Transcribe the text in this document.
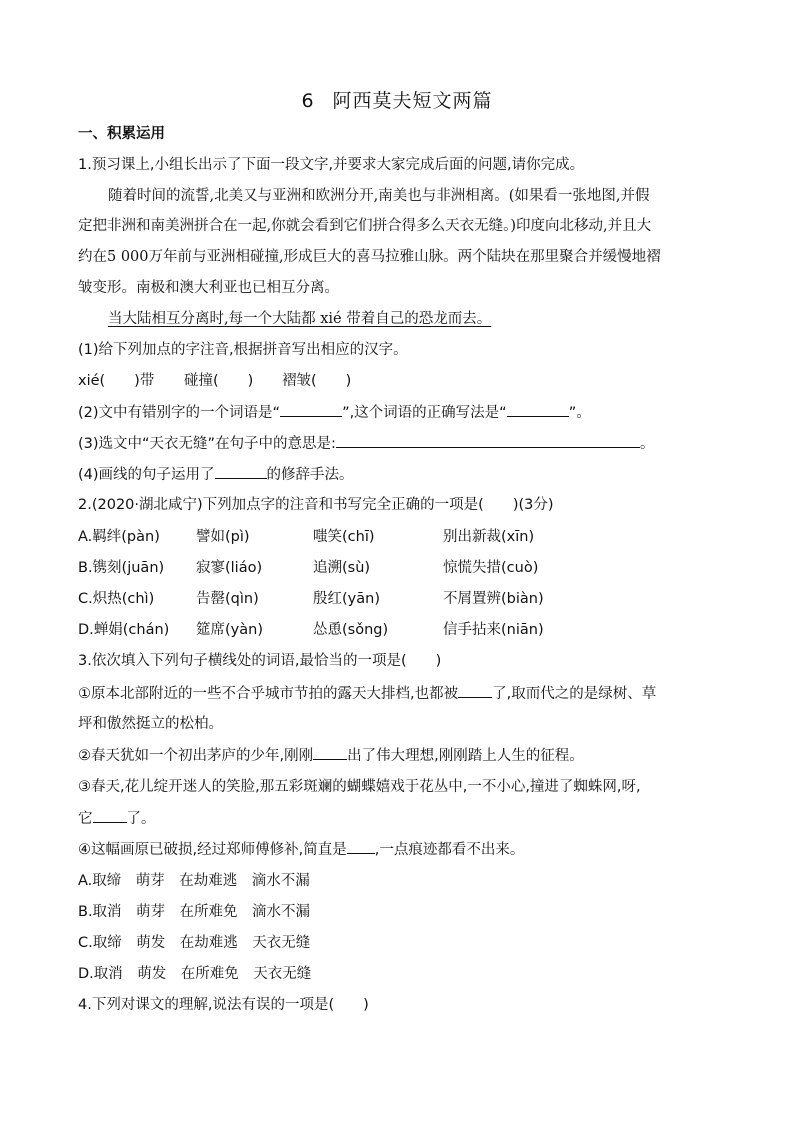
6 阿西莫夫短文两篇
一、积累运用
1.预习课上,小组长出示了下面一段文字,并要求大家完成后面的问题,请你完成。
随着时间的流誓,北美又与亚洲和欧洲分开,南美也与非洲相离。(如果看一张地图,并假
定把非洲和南美洲拼合在一起,你就会看到它们拼合得多么天衣无缝。)印度向北移动,并且大
约在5 000万年前与亚洲相碰撞,形成巨大的喜马拉雅山脉。两个陆块在那里聚合并缓慢地褶
皱变形。南极和澳大利亚也已相互分离。
当大陆相互分离时,每一个大陆都 xié 带着自己的恐龙而去。
(1)给下列加点的字注音,根据拼音写出相应的汉字。
xié(　　)带 碰撞(　　) 褶皱(　　)
(2)文中有错别字的一个词语是“	”,这个词语的正确写法是“	”。
(3)选文中“天衣无缝”在句子中的意思是:	。
(4)画线的句子运用了	的修辞手法。
2.(2020·湖北咸宁)下列加点字的注音和书写完全正确的一项是(　　)(3分)
A.羁绊(pàn) 譬如(pì)	嗤笑(chī)	别出新裁(xīn)
B.镌刻(juān) 寂寥(liáo)	追溯(sù)	惊慌失措(cuò)
C.炽热(chì)	告罄(qìn)	殷红(yān)	不屑置辨(biàn)
D.蝉娟(chán) 筵席(yàn)	怂恿(sǒng)	信手拈来(niān)
3.依次填入下列句子横线处的词语,最恰当的一项是(　　)
①原本北部附近的一些不合乎城市节拍的露天大排档,也都被 了,取而代之的是绿树、草
坪和傲然挺立的松柏。
②春天犹如一个初出茅庐的少年,刚刚 出了伟大理想,刚刚踏上人生的征程。
③春天,花儿绽开迷人的笑脸,那五彩斑斓的蝴蝶嬉戏于花丛中,一不小心,撞进了蜘蛛网,呀,
它 了。
④这幅画原已破损,经过郑师傅修补,简直是 ,一点痕迹都看不出来。
A.取缔　萌芽　在劫难逃　滴水不漏
B.取消　萌芽　在所难免　滴水不漏
C.取缔　萌发　在劫难逃　天衣无缝
D.取消　萌发　在所难免　天衣无缝
4.下列对课文的理解,说法有误的一项是(　　)
